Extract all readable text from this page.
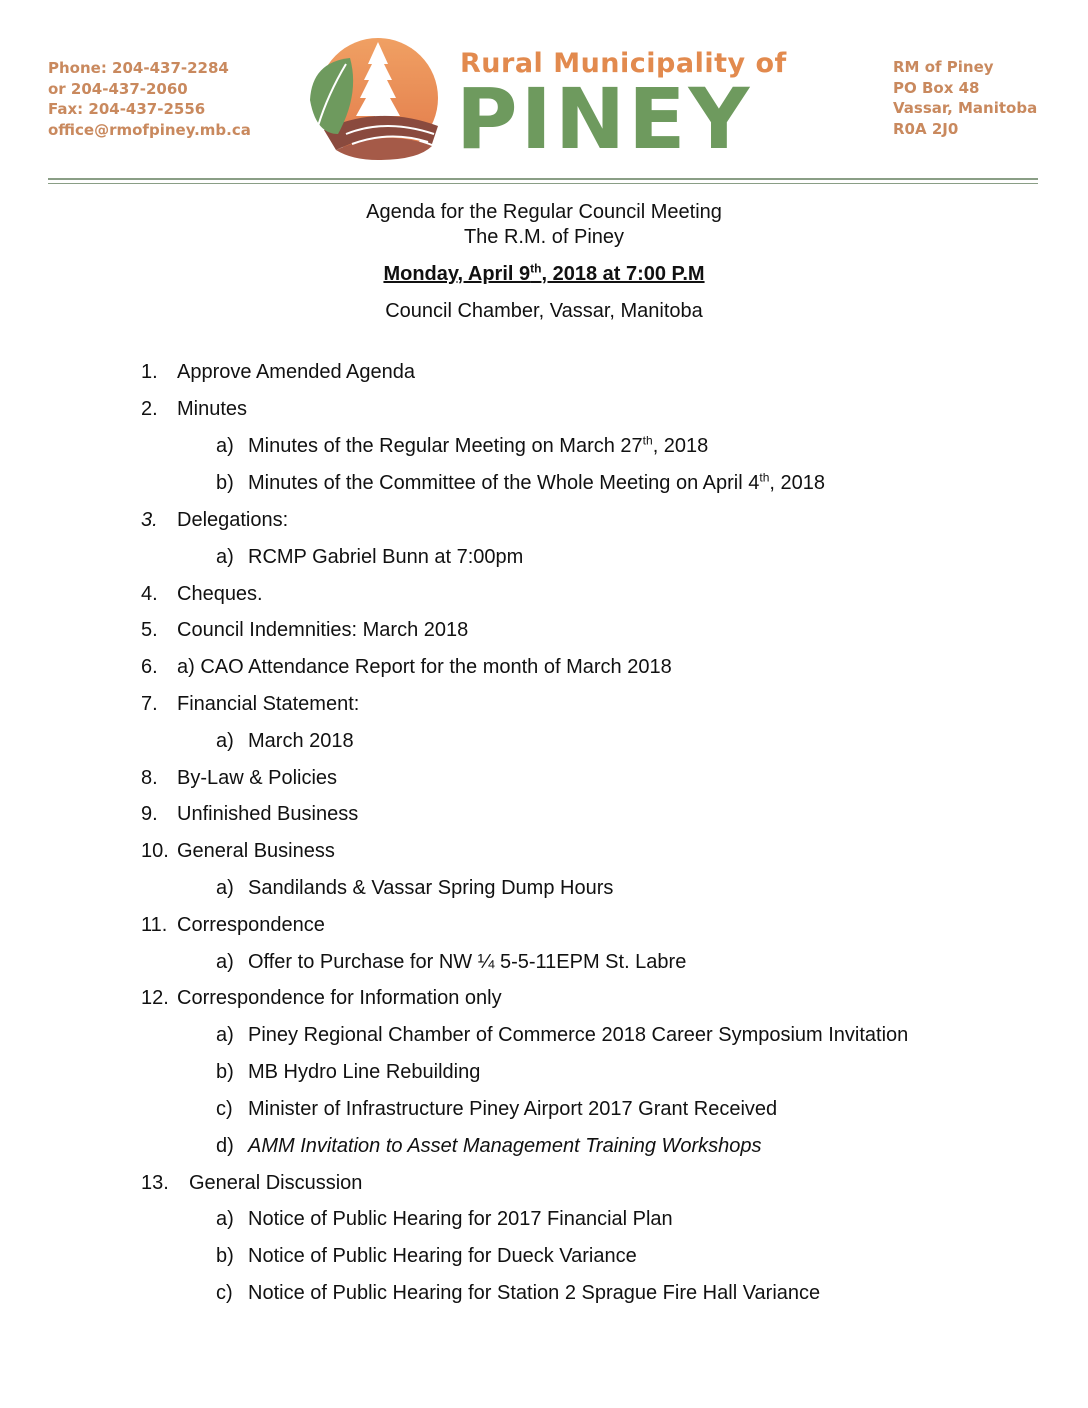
Phone: 204-437-2284
or 204-437-2060
Fax: 204-437-2556
office@rmofpiney.mb.ca
Rural Municipality of
PINEY
RM of Piney
PO Box 48
Vassar, Manitoba
R0A 2J0
Agenda for the Regular Council Meeting
The R.M. of Piney
Monday, April 9th, 2018 at 7:00 P.M
Council Chamber, Vassar, Manitoba
1. Approve Amended Agenda
2. Minutes
a) Minutes of the Regular Meeting on March 27th, 2018
b) Minutes of the Committee of the Whole Meeting on April 4th, 2018
3. Delegations:
a) RCMP Gabriel Bunn at 7:00pm
4. Cheques.
5. Council Indemnities: March 2018
6. a) CAO Attendance Report for the month of March 2018
7. Financial Statement:
a) March 2018
8. By-Law & Policies
9. Unfinished Business
10. General Business
a) Sandilands & Vassar Spring Dump Hours
11. Correspondence
a) Offer to Purchase for NW ¼ 5-5-11EPM St. Labre
12. Correspondence for Information only
a) Piney Regional Chamber of Commerce 2018 Career Symposium Invitation
b) MB Hydro Line Rebuilding
c) Minister of Infrastructure Piney Airport 2017 Grant Received
d) AMM Invitation to Asset Management Training Workshops
13. General Discussion
a) Notice of Public Hearing for 2017 Financial Plan
b) Notice of Public Hearing for Dueck Variance
c) Notice of Public Hearing for Station 2 Sprague Fire Hall Variance
